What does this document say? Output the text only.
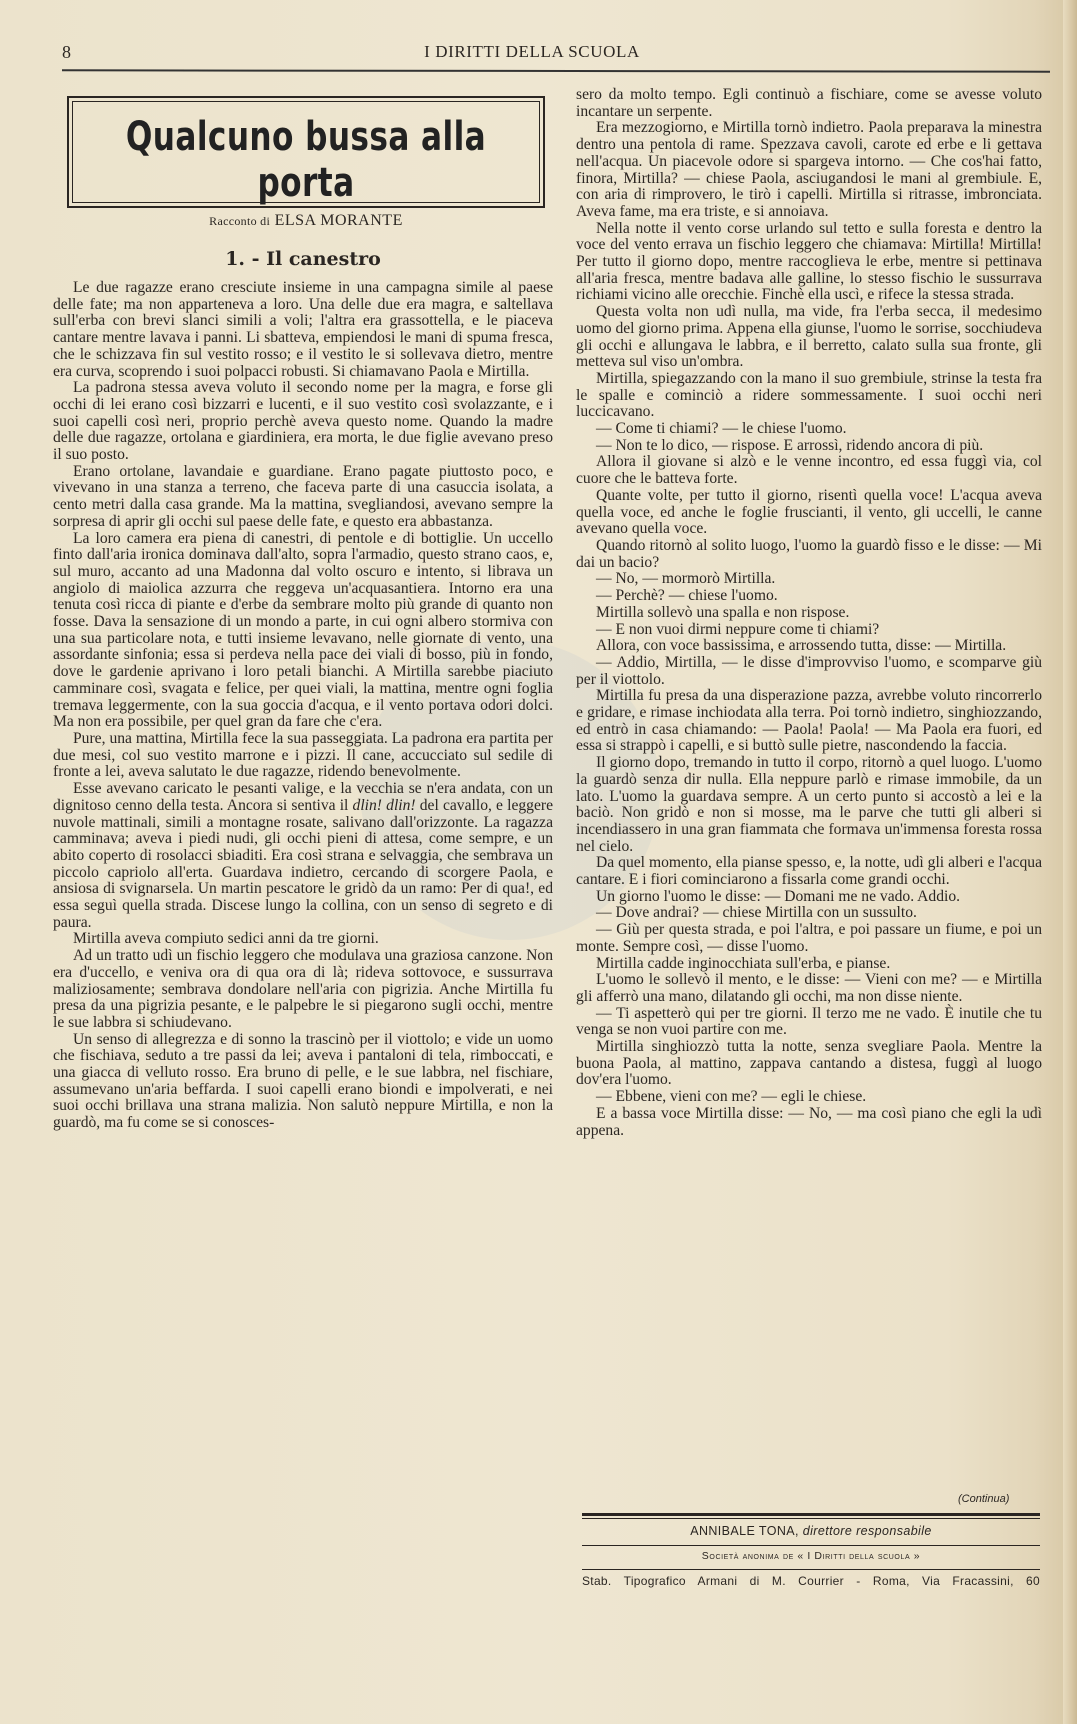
8	I DIRITTI DELLA SCUOLA
Qualcuno bussa alla porta
Racconto di ELSA MORANTE
1. - Il canestro

Le due ragazze erano cresciute insieme in una campagna simile al paese delle fate; ma non apparteneva a loro. Una delle due era magra, e saltellava sull'erba con brevi slanci simili a voli; l'altra era grassottella, e le piaceva cantare mentre lavava i panni. Li sbatteva, empiendosi le mani di spuma fresca, che le schizzava fin sul vestito rosso; e il vestito le si sollevava dietro, mentre era curva, scoprendo i suoi polpacci robusti. Si chiamavano Paola e Mirtilla.

La padrona stessa aveva voluto il secondo nome per la magra, e forse gli occhi di lei erano così bizzarri e lucenti, e il suo vestito così svolazzante, e i suoi capelli così neri, proprio perchè aveva questo nome. Quando la madre delle due ragazze, ortolana e giardiniera, era morta, le due figlie avevano preso il suo posto.

Erano ortolane, lavandaie e guardiane. Erano pagate piuttosto poco, e vivevano in una stanza a terreno, che faceva parte di una casuccia isolata, a cento metri dalla casa grande. Ma la mattina, svegliandosi, avevano sempre la sorpresa di aprir gli occhi sul paese delle fate, e questo era abbastanza.

La loro camera era piena di canestri, di pentole e di bottiglie. Un uccello finto dall'aria ironica dominava dall'alto, sopra l'armadio, questo strano caos, e, sul muro, accanto ad una Madonna dal volto oscuro e intento, si librava un angiolo di maiolica azzurra che reggeva un'acquasantiera. Intorno era una tenuta così ricca di piante e d'erbe da sembrare molto più grande di quanto non fosse. Dava la sensazione di un mondo a parte, in cui ogni albero stormiva con una sua particolare nota, e tutti insieme levavano, nelle giornate di vento, una assordante sinfonia; essa si perdeva nella pace dei viali di bosso, più in fondo, dove le gardenie aprivano i loro petali bianchi. A Mirtilla sarebbe piaciuto camminare così, svagata e felice, per quei viali, la mattina, mentre ogni foglia tremava leggermente, con la sua goccia d'acqua, e il vento portava odori dolci. Ma non era possibile, per quel gran da fare che c'era.

Pure, una mattina, Mirtilla fece la sua passeggiata. La padrona era partita per due mesi, col suo vestito marrone e i pizzi. Il cane, accucciato sul sedile di fronte a lei, aveva salutato le due ragazze, ridendo benevolmente.

Esse avevano caricato le pesanti valige, e la vecchia se n'era andata, con un dignitoso cenno della testa. Ancora si sentiva il dlin! dlin! del cavallo, e leggere nuvole mattinali, simili a montagne rosate, salivano dall'orizzonte. La ragazza camminava; aveva i piedi nudi, gli occhi pieni di attesa, come sempre, e un abito coperto di rosolacci sbiaditi. Era così strana e selvaggia, che sembrava un piccolo capriolo all'erta. Guardava indietro, cercando di scorgere Paola, e ansiosa di svignarsela. Un martin pescatore le gridò da un ramo: Per di qua!, ed essa seguì quella strada. Discese lungo la collina, con un senso di segreto e di paura.

Mirtilla aveva compiuto sedici anni da tre giorni.

Ad un tratto udì un fischio leggero che modulava una graziosa canzone. Non era d'uccello, e veniva ora di qua ora di là; rideva sottovoce, e sussurrava maliziosamente; sembrava dondolare nell'aria con pigrizia. Anche Mirtilla fu presa da una pigrizia pesante, e le palpebre le si piegarono sugli occhi, mentre le sue labbra si schiudevano.

Un senso di allegrezza e di sonno la trascinò per il viottolo; e vide un uomo che fischiava, seduto a tre passi da lei; aveva i pantaloni di tela, rimboccati, e una giacca di velluto rosso. Era bruno di pelle, e le sue labbra, nel fischiare, assumevano un'aria beffarda. I suoi capelli erano biondi e impolverati, e nei suoi occhi brillava una strana malizia. Non salutò neppure Mirtilla, e non la guardò, ma fu come se si conosces-

sero da molto tempo. Egli continuò a fischiare, come se avesse voluto incantare un serpente.

Era mezzogiorno, e Mirtilla tornò indietro. Paola preparava la minestra dentro una pentola di rame. Spezzava cavoli, carote ed erbe e li gettava nell'acqua. Un piacevole odore si spargeva intorno. — Che cos'hai fatto, finora, Mirtilla? — chiese Paola, asciugandosi le mani al grembiule. E, con aria di rimprovero, le tirò i capelli. Mirtilla si ritrasse, imbronciata. Aveva fame, ma era triste, e si annoiava.

Nella notte il vento corse urlando sul tetto e sulla foresta e dentro la voce del vento errava un fischio leggero che chiamava: Mirtilla! Mirtilla! Per tutto il giorno dopo, mentre raccoglieva le erbe, mentre si pettinava all'aria fresca, mentre badava alle galline, lo stesso fischio le sussurrava richiami vicino alle orecchie. Finchè ella uscì, e rifece la stessa strada.

Questa volta non udì nulla, ma vide, fra l'erba secca, il medesimo uomo del giorno prima. Appena ella giunse, l'uomo le sorrise, socchiudeva gli occhi e allungava le labbra, e il berretto, calato sulla sua fronte, gli metteva sul viso un'ombra.

Mirtilla, spiegazzando con la mano il suo grembiule, strinse la testa fra le spalle e cominciò a ridere sommessamente. I suoi occhi neri luccicavano.

— Come ti chiami? — le chiese l'uomo.

— Non te lo dico, — rispose. E arrossì, ridendo ancora di più.

Allora il giovane si alzò e le venne incontro, ed essa fuggì via, col cuore che le batteva forte.

Quante volte, per tutto il giorno, risentì quella voce! L'acqua aveva quella voce, ed anche le foglie fruscianti, il vento, gli uccelli, le canne avevano quella voce.

Quando ritornò al solito luogo, l'uomo la guardò fisso e le disse: — Mi dai un bacio?

— No, — mormorò Mirtilla.

— Perchè? — chiese l'uomo.

Mirtilla sollevò una spalla e non rispose.

— E non vuoi dirmi neppure come ti chiami?

Allora, con voce bassissima, e arrossendo tutta, disse: — Mirtilla.

— Addio, Mirtilla, — le disse d'improvviso l'uomo, e scomparve giù per il viottolo.

Mirtilla fu presa da una disperazione pazza, avrebbe voluto rincorrerlo e gridare, e rimase inchiodata alla terra. Poi tornò indietro, singhiozzando, ed entrò in casa chiamando: — Paola! Paola! — Ma Paola era fuori, ed essa si strappò i capelli, e si buttò sulle pietre, nascondendo la faccia.

Il giorno dopo, tremando in tutto il corpo, ritornò a quel luogo. L'uomo la guardò senza dir nulla. Ella neppure parlò e rimase immobile, da un lato. L'uomo la guardava sempre. A un certo punto si accostò a lei e la baciò. Non gridò e non si mosse, ma le parve che tutti gli alberi si incendiassero in una gran fiammata che formava un'immensa foresta rossa nel cielo.

Da quel momento, ella pianse spesso, e, la notte, udì gli alberi e l'acqua cantare. E i fiori cominciarono a fissarla come grandi occhi.

Un giorno l'uomo le disse: — Domani me ne vado. Addio.

— Dove andrai? — chiese Mirtilla con un sussulto.

— Giù per questa strada, e poi l'altra, e poi passare un fiume, e poi un monte. Sempre così, — disse l'uomo.

Mirtilla cadde inginocchiata sull'erba, e pianse.

L'uomo le sollevò il mento, e le disse: — Vieni con me? — e Mirtilla gli afferrò una mano, dilatando gli occhi, ma non disse niente.

— Ti aspetterò qui per tre giorni. Il terzo me ne vado. È inutile che tu venga se non vuoi partire con me.

Mirtilla singhiozzò tutta la notte, senza svegliare Paola. Mentre la buona Paola, al mattino, zappava cantando a distesa, fuggì al luogo dov'era l'uomo.

— Ebbene, vieni con me? — egli le chiese.

E a bassa voce Mirtilla disse: — No, — ma così piano che egli la udì appena.

(Continua)
ANNIBALE TONA, direttore responsabile
Società anonima de « I Diritti della scuola »
Stab. Tipografico Armani di M. Courrier - Roma, Via Fracassini, 60
